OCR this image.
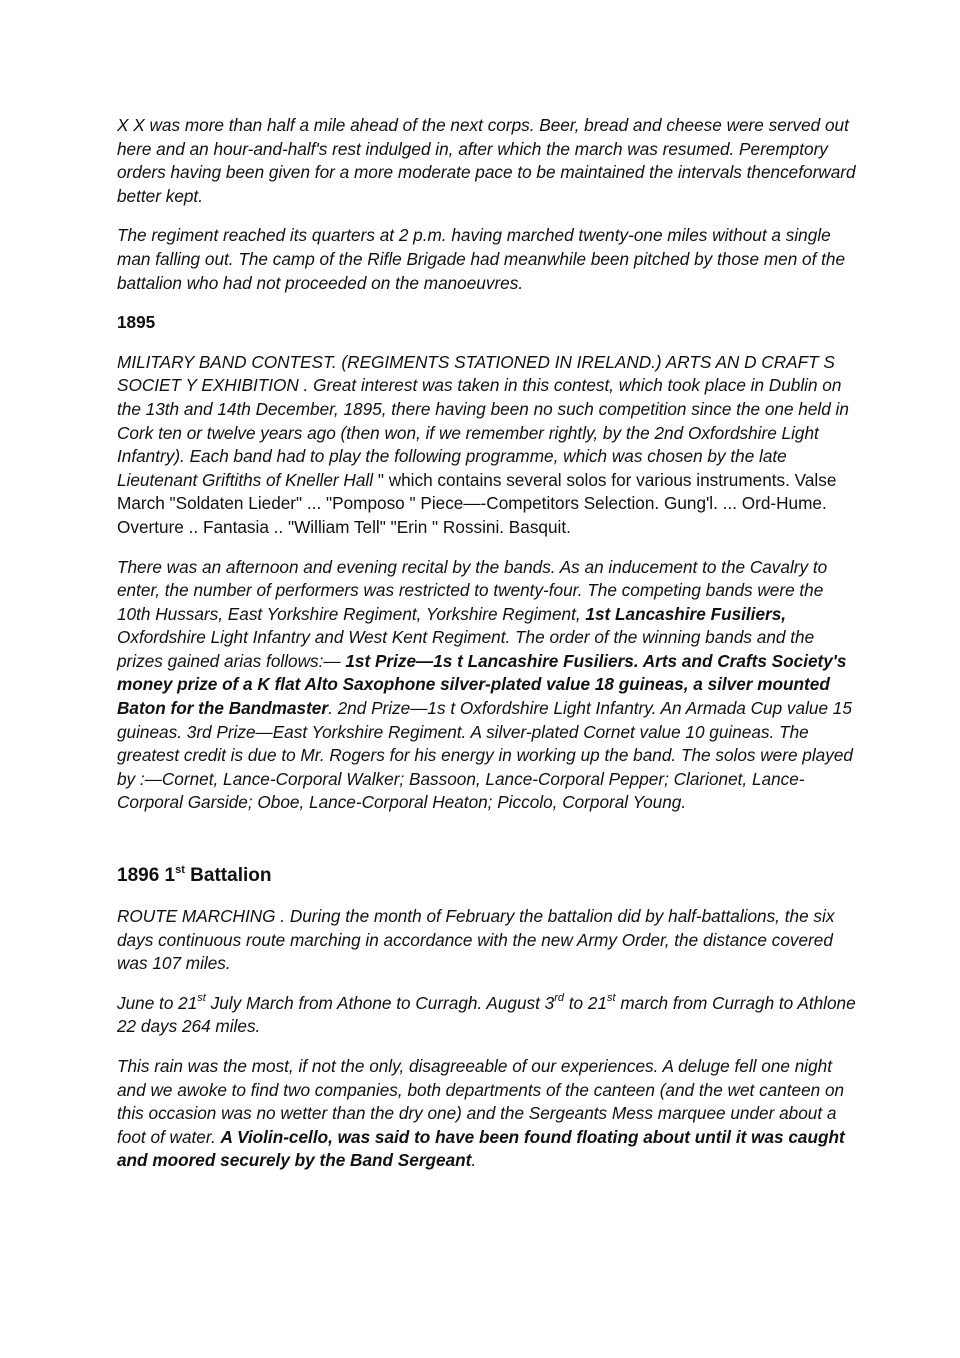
X X was more than half a mile ahead of the next corps. Beer, bread and cheese were served out here and an hour-and-half's rest indulged in, after which the march was resumed. Peremptory orders having been given for a more moderate pace to be maintained the intervals thenceforward better kept.

The regiment reached its quarters at 2 p.m. having marched twenty-one miles without a single man falling out. The camp of the Rifle Brigade had meanwhile been pitched by those men of the battalion who had not proceeded on the manoeuvres.

1895

MILITARY BAND CONTEST. (REGIMENTS STATIONED IN IRELAND.) ARTS AN D CRAFT S SOCIET Y EXHIBITION . Great interest was taken in this contest, which took place in Dublin on the 13th and 14th December, 1895, there having been no such competition since the one held in Cork ten or twelve years ago (then won, if we remember rightly, by the 2nd Oxfordshire Light Infantry). Each band had to play the following programme, which was chosen by the late Lieutenant Griftiths of Kneller Hall " which contains several solos for various instruments. Valse March "Soldaten Lieder" ... "Pomposo " Piece—-Competitors Selection. Gung'l. ... Ord-Hume. Overture .. Fantasia .. "William Tell" "Erin " Rossini. Basquit.

There was an afternoon and evening recital by the bands. As an inducement to the Cavalry to enter, the number of performers was restricted to twenty-four. The competing bands were the 10th Hussars, East Yorkshire Regiment, Yorkshire Regiment, 1st Lancashire Fusiliers, Oxfordshire Light Infantry and West Kent Regiment. The order of the winning bands and the prizes gained arias follows:— 1st Prize—1s t Lancashire Fusiliers. Arts and Crafts Society's money prize of a K flat Alto Saxophone silver-plated value 18 guineas, a silver mounted Baton for the Bandmaster. 2nd Prize—1s t Oxfordshire Light Infantry. An Armada Cup value 15 guineas. 3rd Prize—East Yorkshire Regiment. A silver-plated Cornet value 10 guineas. The greatest credit is due to Mr. Rogers for his energy in working up the band. The solos were played by :—Cornet, Lance-Corporal Walker; Bassoon, Lance-Corporal Pepper; Clarionet, Lance-Corporal Garside; Oboe, Lance-Corporal Heaton; Piccolo, Corporal Young.

1896 1st Battalion

ROUTE MARCHING . During the month of February the battalion did by half-battalions, the six days continuous route marching in accordance with the new Army Order, the distance covered was 107 miles.

June to 21st July March from Athone to Curragh. August 3rd to 21st march from Curragh to Athlone 22 days 264 miles.

This rain was the most, if not the only, disagreeable of our experiences. A deluge fell one night and we awoke to find two companies, both departments of the canteen (and the wet canteen on this occasion was no wetter than the dry one) and the Sergeants Mess marquee under about a foot of water. A Violin-cello, was said to have been found floating about until it was caught and moored securely by the Band Sergeant.
